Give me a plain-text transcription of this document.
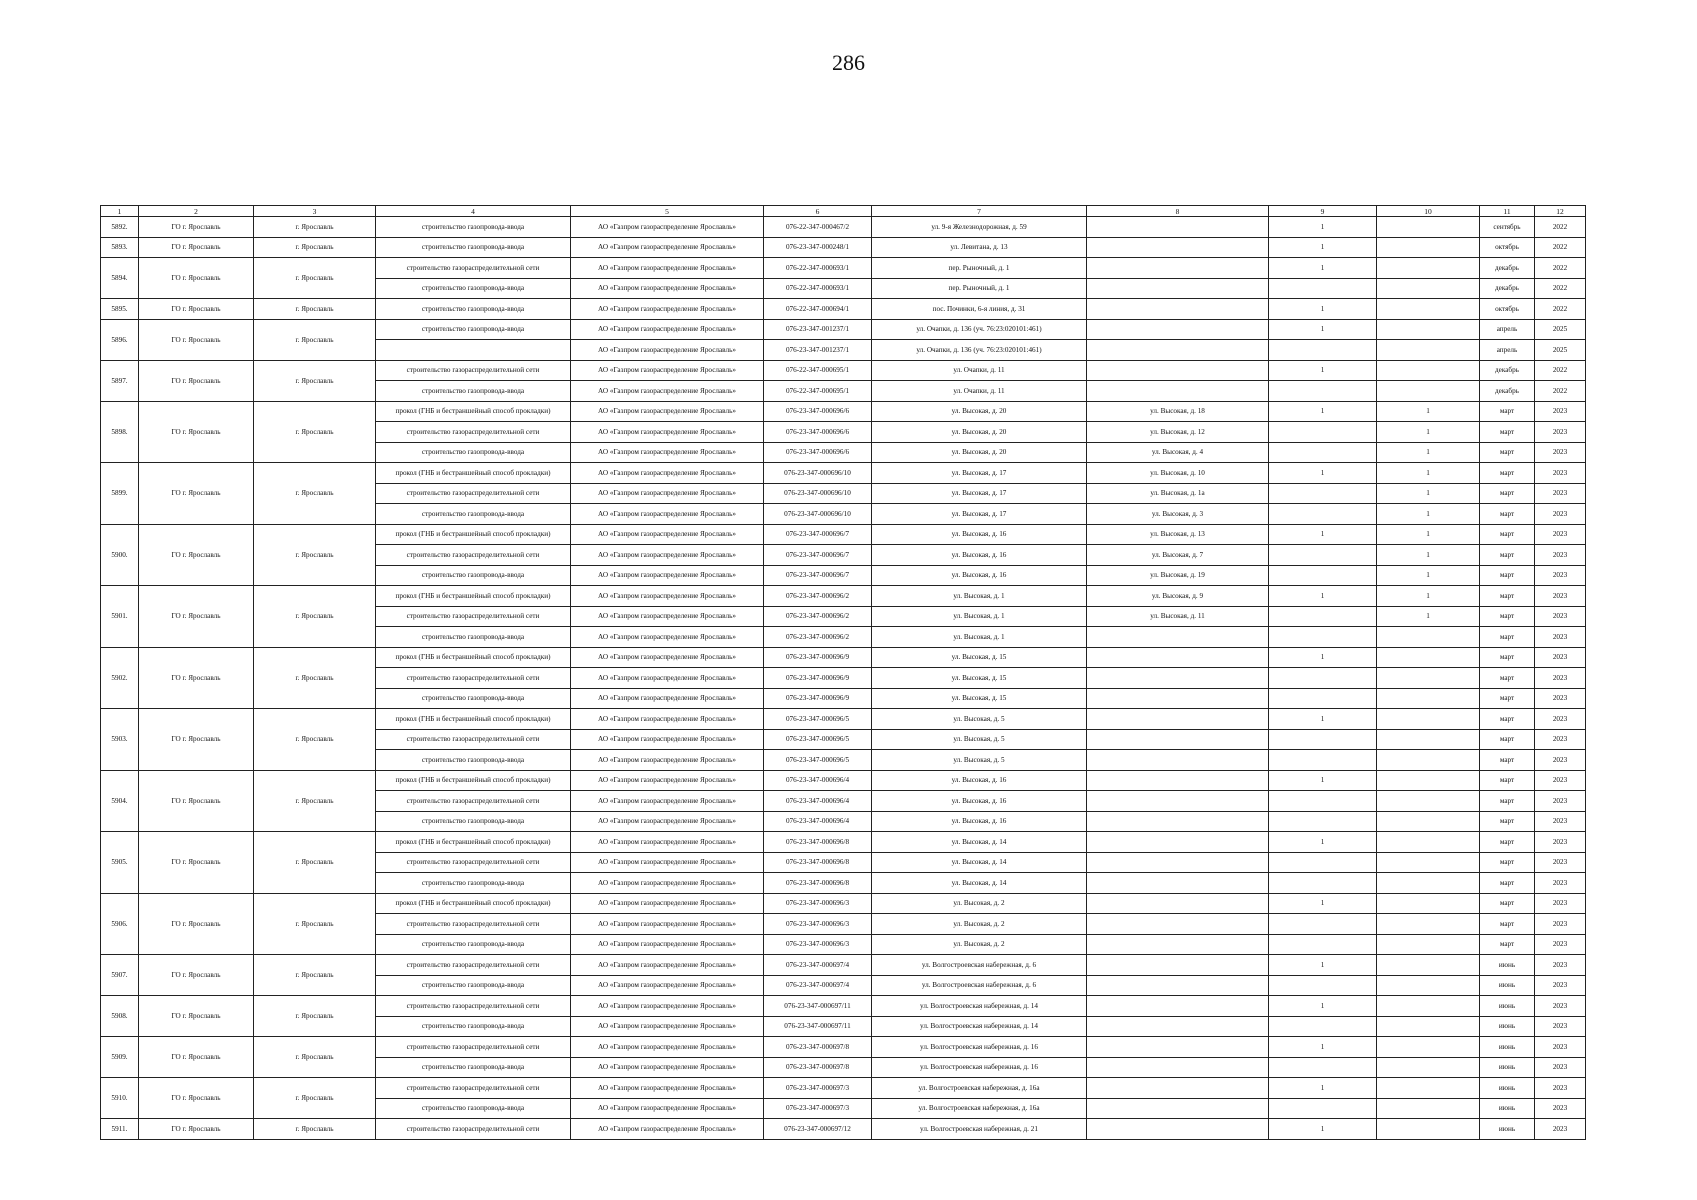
286
1	2	3	4	5	6	7	8	9	10	11	12
5892.	ГО г. Ярославль	г. Ярославль	строительство газопровода-ввода	АО «Газпром газораспределение Ярославль»	076-22-347-000467/2	ул. 9-я Железнодорожная, д. 59		1		сентябрь	2022
5893.	ГО г. Ярославль	г. Ярославль	строительство газопровода-ввода	АО «Газпром газораспределение Ярославль»	076-23-347-000248/1	ул. Левитана, д. 13		1		октябрь	2022
5894.	ГО г. Ярославль	г. Ярославль	строительство газораспределительной сети	АО «Газпром газораспределение Ярославль»	076-22-347-000693/1	пер. Рыночный, д. 1		1		декабрь	2022
			строительство газопровода-ввода	АО «Газпром газораспределение Ярославль»	076-22-347-000693/1	пер. Рыночный, д. 1				декабрь	2022
5895.	ГО г. Ярославль	г. Ярославль	строительство газопровода-ввода	АО «Газпром газораспределение Ярославль»	076-22-347-000694/1	пос. Починки, 6-я линия, д. 31		1		октябрь	2022
5896.	ГО г. Ярославль	г. Ярославль	строительство газопровода-ввода	АО «Газпром газораспределение Ярославль»	076-23-347-001237/1	ул. Очапки, д. 136 (уч. 76:23:020101:461)		1		апрель	2025
				АО «Газпром газораспределение Ярославль»	076-23-347-001237/1	ул. Очапки, д. 136 (уч. 76:23:020101:461)				апрель	2025
5897.	ГО г. Ярославль	г. Ярославль	строительство газораспределительной сети	АО «Газпром газораспределение Ярославль»	076-22-347-000695/1	ул. Очапки, д. 11		1		декабрь	2022
			строительство газопровода-ввода	АО «Газпром газораспределение Ярославль»	076-22-347-000695/1	ул. Очапки, д. 11				декабрь	2022
5898.	ГО г. Ярославль	г. Ярославль	прокол (ГНБ и бестраншейный способ прокладки)	АО «Газпром газораспределение Ярославль»	076-23-347-000696/6	ул. Высокая, д. 20	ул. Высокая, д. 18	1	1	март	2023
			строительство газораспределительной сети	АО «Газпром газораспределение Ярославль»	076-23-347-000696/6	ул. Высокая, д. 20	ул. Высокая, д. 12		1	март	2023
			строительство газопровода-ввода	АО «Газпром газораспределение Ярославль»	076-23-347-000696/6	ул. Высокая, д. 20	ул. Высокая, д. 4		1	март	2023
5899.	ГО г. Ярославль	г. Ярославль	прокол (ГНБ и бестраншейный способ прокладки)	АО «Газпром газораспределение Ярославль»	076-23-347-000696/10	ул. Высокая, д. 17	ул. Высокая, д. 10	1	1	март	2023
			строительство газораспределительной сети	АО «Газпром газораспределение Ярославль»	076-23-347-000696/10	ул. Высокая, д. 17	ул. Высокая, д. 1а		1	март	2023
			строительство газопровода-ввода	АО «Газпром газораспределение Ярославль»	076-23-347-000696/10	ул. Высокая, д. 17	ул. Высокая, д. 3		1	март	2023
5900.	ГО г. Ярославль	г. Ярославль	прокол (ГНБ и бестраншейный способ прокладки)	АО «Газпром газораспределение Ярославль»	076-23-347-000696/7	ул. Высокая, д. 16	ул. Высокая, д. 13	1	1	март	2023
			строительство газораспределительной сети	АО «Газпром газораспределение Ярославль»	076-23-347-000696/7	ул. Высокая, д. 16	ул. Высокая, д. 7		1	март	2023
			строительство газопровода-ввода	АО «Газпром газораспределение Ярославль»	076-23-347-000696/7	ул. Высокая, д. 16	ул. Высокая, д. 19		1	март	2023
5901.	ГО г. Ярославль	г. Ярославль	прокол (ГНБ и бестраншейный способ прокладки)	АО «Газпром газораспределение Ярославль»	076-23-347-000696/2	ул. Высокая, д. 1	ул. Высокая, д. 9	1	1	март	2023
			строительство газораспределительной сети	АО «Газпром газораспределение Ярославль»	076-23-347-000696/2	ул. Высокая, д. 1	ул. Высокая, д. 11		1	март	2023
			строительство газопровода-ввода	АО «Газпром газораспределение Ярославль»	076-23-347-000696/2	ул. Высокая, д. 1				март	2023
5902.	ГО г. Ярославль	г. Ярославль	прокол (ГНБ и бестраншейный способ прокладки)	АО «Газпром газораспределение Ярославль»	076-23-347-000696/9	ул. Высокая, д. 15		1		март	2023
			строительство газораспределительной сети	АО «Газпром газораспределение Ярославль»	076-23-347-000696/9	ул. Высокая, д. 15				март	2023
			строительство газопровода-ввода	АО «Газпром газораспределение Ярославль»	076-23-347-000696/9	ул. Высокая, д. 15				март	2023
5903.	ГО г. Ярославль	г. Ярославль	прокол (ГНБ и бестраншейный способ прокладки)	АО «Газпром газораспределение Ярославль»	076-23-347-000696/5	ул. Высокая, д. 5		1		март	2023
			строительство газораспределительной сети	АО «Газпром газораспределение Ярославль»	076-23-347-000696/5	ул. Высокая, д. 5				март	2023
			строительство газопровода-ввода	АО «Газпром газораспределение Ярославль»	076-23-347-000696/5	ул. Высокая, д. 5				март	2023
5904.	ГО г. Ярославль	г. Ярославль	прокол (ГНБ и бестраншейный способ прокладки)	АО «Газпром газораспределение Ярославль»	076-23-347-000696/4	ул. Высокая, д. 16		1		март	2023
			строительство газораспределительной сети	АО «Газпром газораспределение Ярославль»	076-23-347-000696/4	ул. Высокая, д. 16				март	2023
			строительство газопровода-ввода	АО «Газпром газораспределение Ярославль»	076-23-347-000696/4	ул. Высокая, д. 16				март	2023
5905.	ГО г. Ярославль	г. Ярославль	прокол (ГНБ и бестраншейный способ прокладки)	АО «Газпром газораспределение Ярославль»	076-23-347-000696/8	ул. Высокая, д. 14		1		март	2023
			строительство газораспределительной сети	АО «Газпром газораспределение Ярославль»	076-23-347-000696/8	ул. Высокая, д. 14				март	2023
			строительство газопровода-ввода	АО «Газпром газораспределение Ярославль»	076-23-347-000696/8	ул. Высокая, д. 14				март	2023
5906.	ГО г. Ярославль	г. Ярославль	прокол (ГНБ и бестраншейный способ прокладки)	АО «Газпром газораспределение Ярославль»	076-23-347-000696/3	ул. Высокая, д. 2		1		март	2023
			строительство газораспределительной сети	АО «Газпром газораспределение Ярославль»	076-23-347-000696/3	ул. Высокая, д. 2				март	2023
			строительство газопровода-ввода	АО «Газпром газораспределение Ярославль»	076-23-347-000696/3	ул. Высокая, д. 2				март	2023
5907.	ГО г. Ярославль	г. Ярославль	строительство газораспределительной сети	АО «Газпром газораспределение Ярославль»	076-23-347-000697/4	ул. Волгостроевская набережная, д. 6		1		июнь	2023
			строительство газопровода-ввода	АО «Газпром газораспределение Ярославль»	076-23-347-000697/4	ул. Волгостроевская набережная, д. 6				июнь	2023
5908.	ГО г. Ярославль	г. Ярославль	строительство газораспределительной сети	АО «Газпром газораспределение Ярославль»	076-23-347-000697/11	ул. Волгостроевская набережная, д. 14		1		июнь	2023
			строительство газопровода-ввода	АО «Газпром газораспределение Ярославль»	076-23-347-000697/11	ул. Волгостроевская набережная, д. 14				июнь	2023
5909.	ГО г. Ярославль	г. Ярославль	строительство газораспределительной сети	АО «Газпром газораспределение Ярославль»	076-23-347-000697/8	ул. Волгостроевская набережная, д. 16		1		июнь	2023
			строительство газопровода-ввода	АО «Газпром газораспределение Ярославль»	076-23-347-000697/8	ул. Волгостроевская набережная, д. 16				июнь	2023
5910.	ГО г. Ярославль	г. Ярославль	строительство газораспределительной сети	АО «Газпром газораспределение Ярославль»	076-23-347-000697/3	ул. Волгостроевская набережная, д. 16а		1		июнь	2023
			строительство газопровода-ввода	АО «Газпром газораспределение Ярославль»	076-23-347-000697/3	ул. Волгостроевская набережная, д. 16а				июнь	2023
5911.	ГО г. Ярославль	г. Ярославль	строительство газораспределительной сети	АО «Газпром газораспределение Ярославль»	076-23-347-000697/12	ул. Волгостроевская набережная, д. 21		1		июнь	2023
